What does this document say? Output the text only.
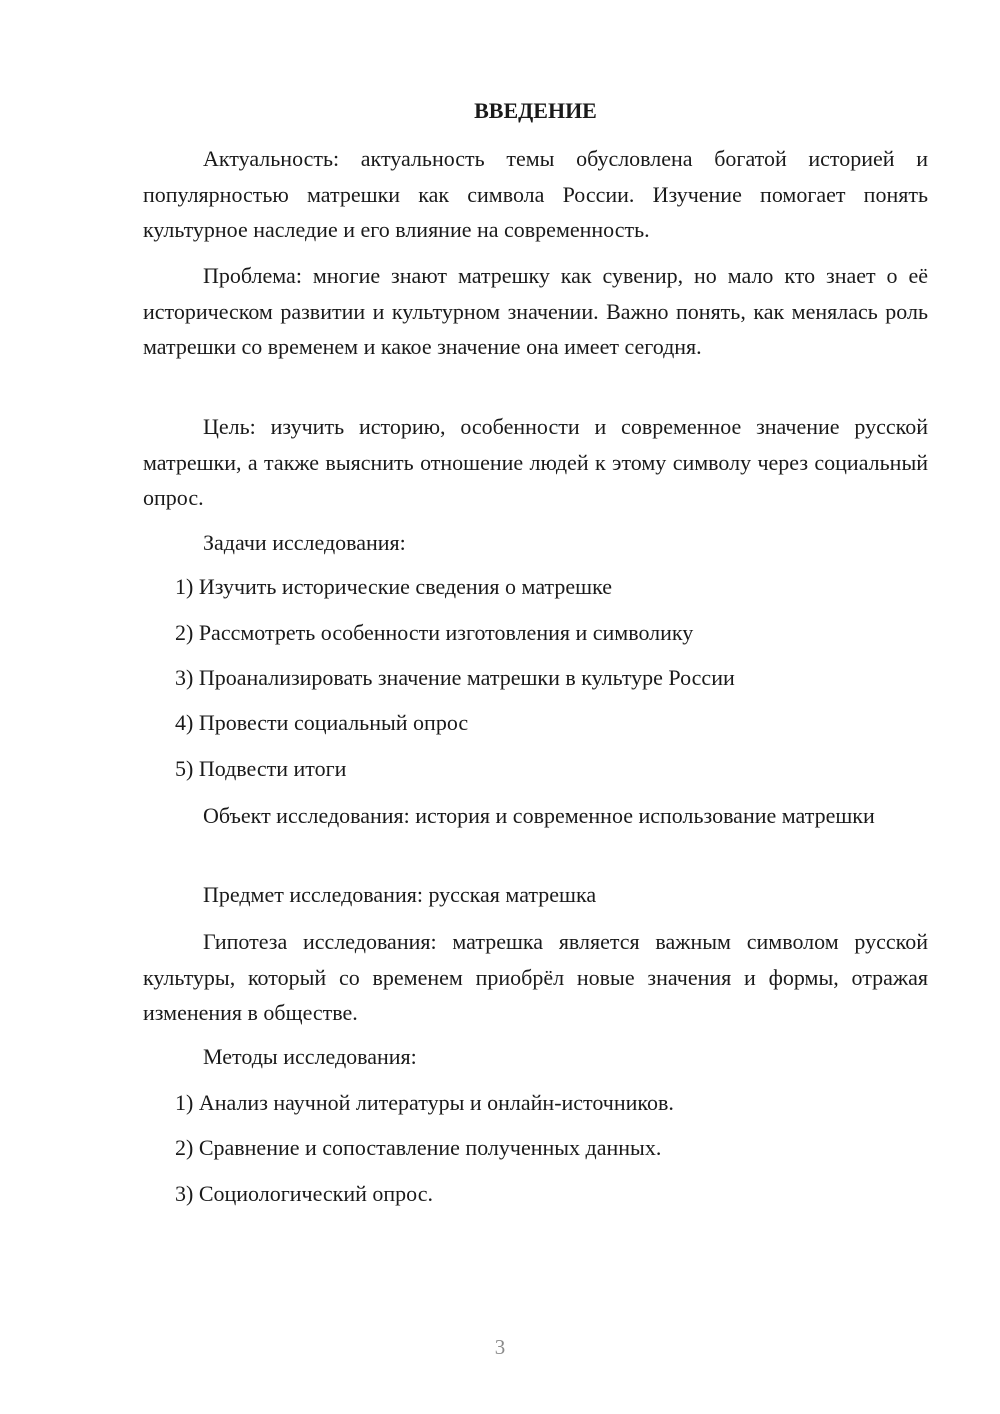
ВВЕДЕНИЕ

Актуальность: актуальность темы обусловлена богатой историей и популярностью матрешки как символа России. Изучение помогает понять культурное наследие и его влияние на современность.

Проблема: многие знают матрешку как сувенир, но мало кто знает о её историческом развитии и культурном значении. Важно понять, как менялась роль матрешки со временем и какое значение она имеет сегодня.

Цель: изучить историю, особенности и современное значение русской матрешки, а также выяснить отношение людей к этому символу через социальный опрос.

Задачи исследования:

1) Изучить исторические сведения о матрешке

2) Рассмотреть особенности изготовления и символику

3) Проанализировать значение матрешки в культуре России

4) Провести социальный опрос

5) Подвести итоги

Объект исследования: история и современное использование матрешки

Предмет исследования: русская матрешка

Гипотеза исследования: матрешка является важным символом русской культуры, который со временем приобрёл новые значения и формы, отражая изменения в обществе.

Методы исследования:

1) Анализ научной литературы и онлайн-источников.

2) Сравнение и сопоставление полученных данных.

3) Социологический опрос.

3
